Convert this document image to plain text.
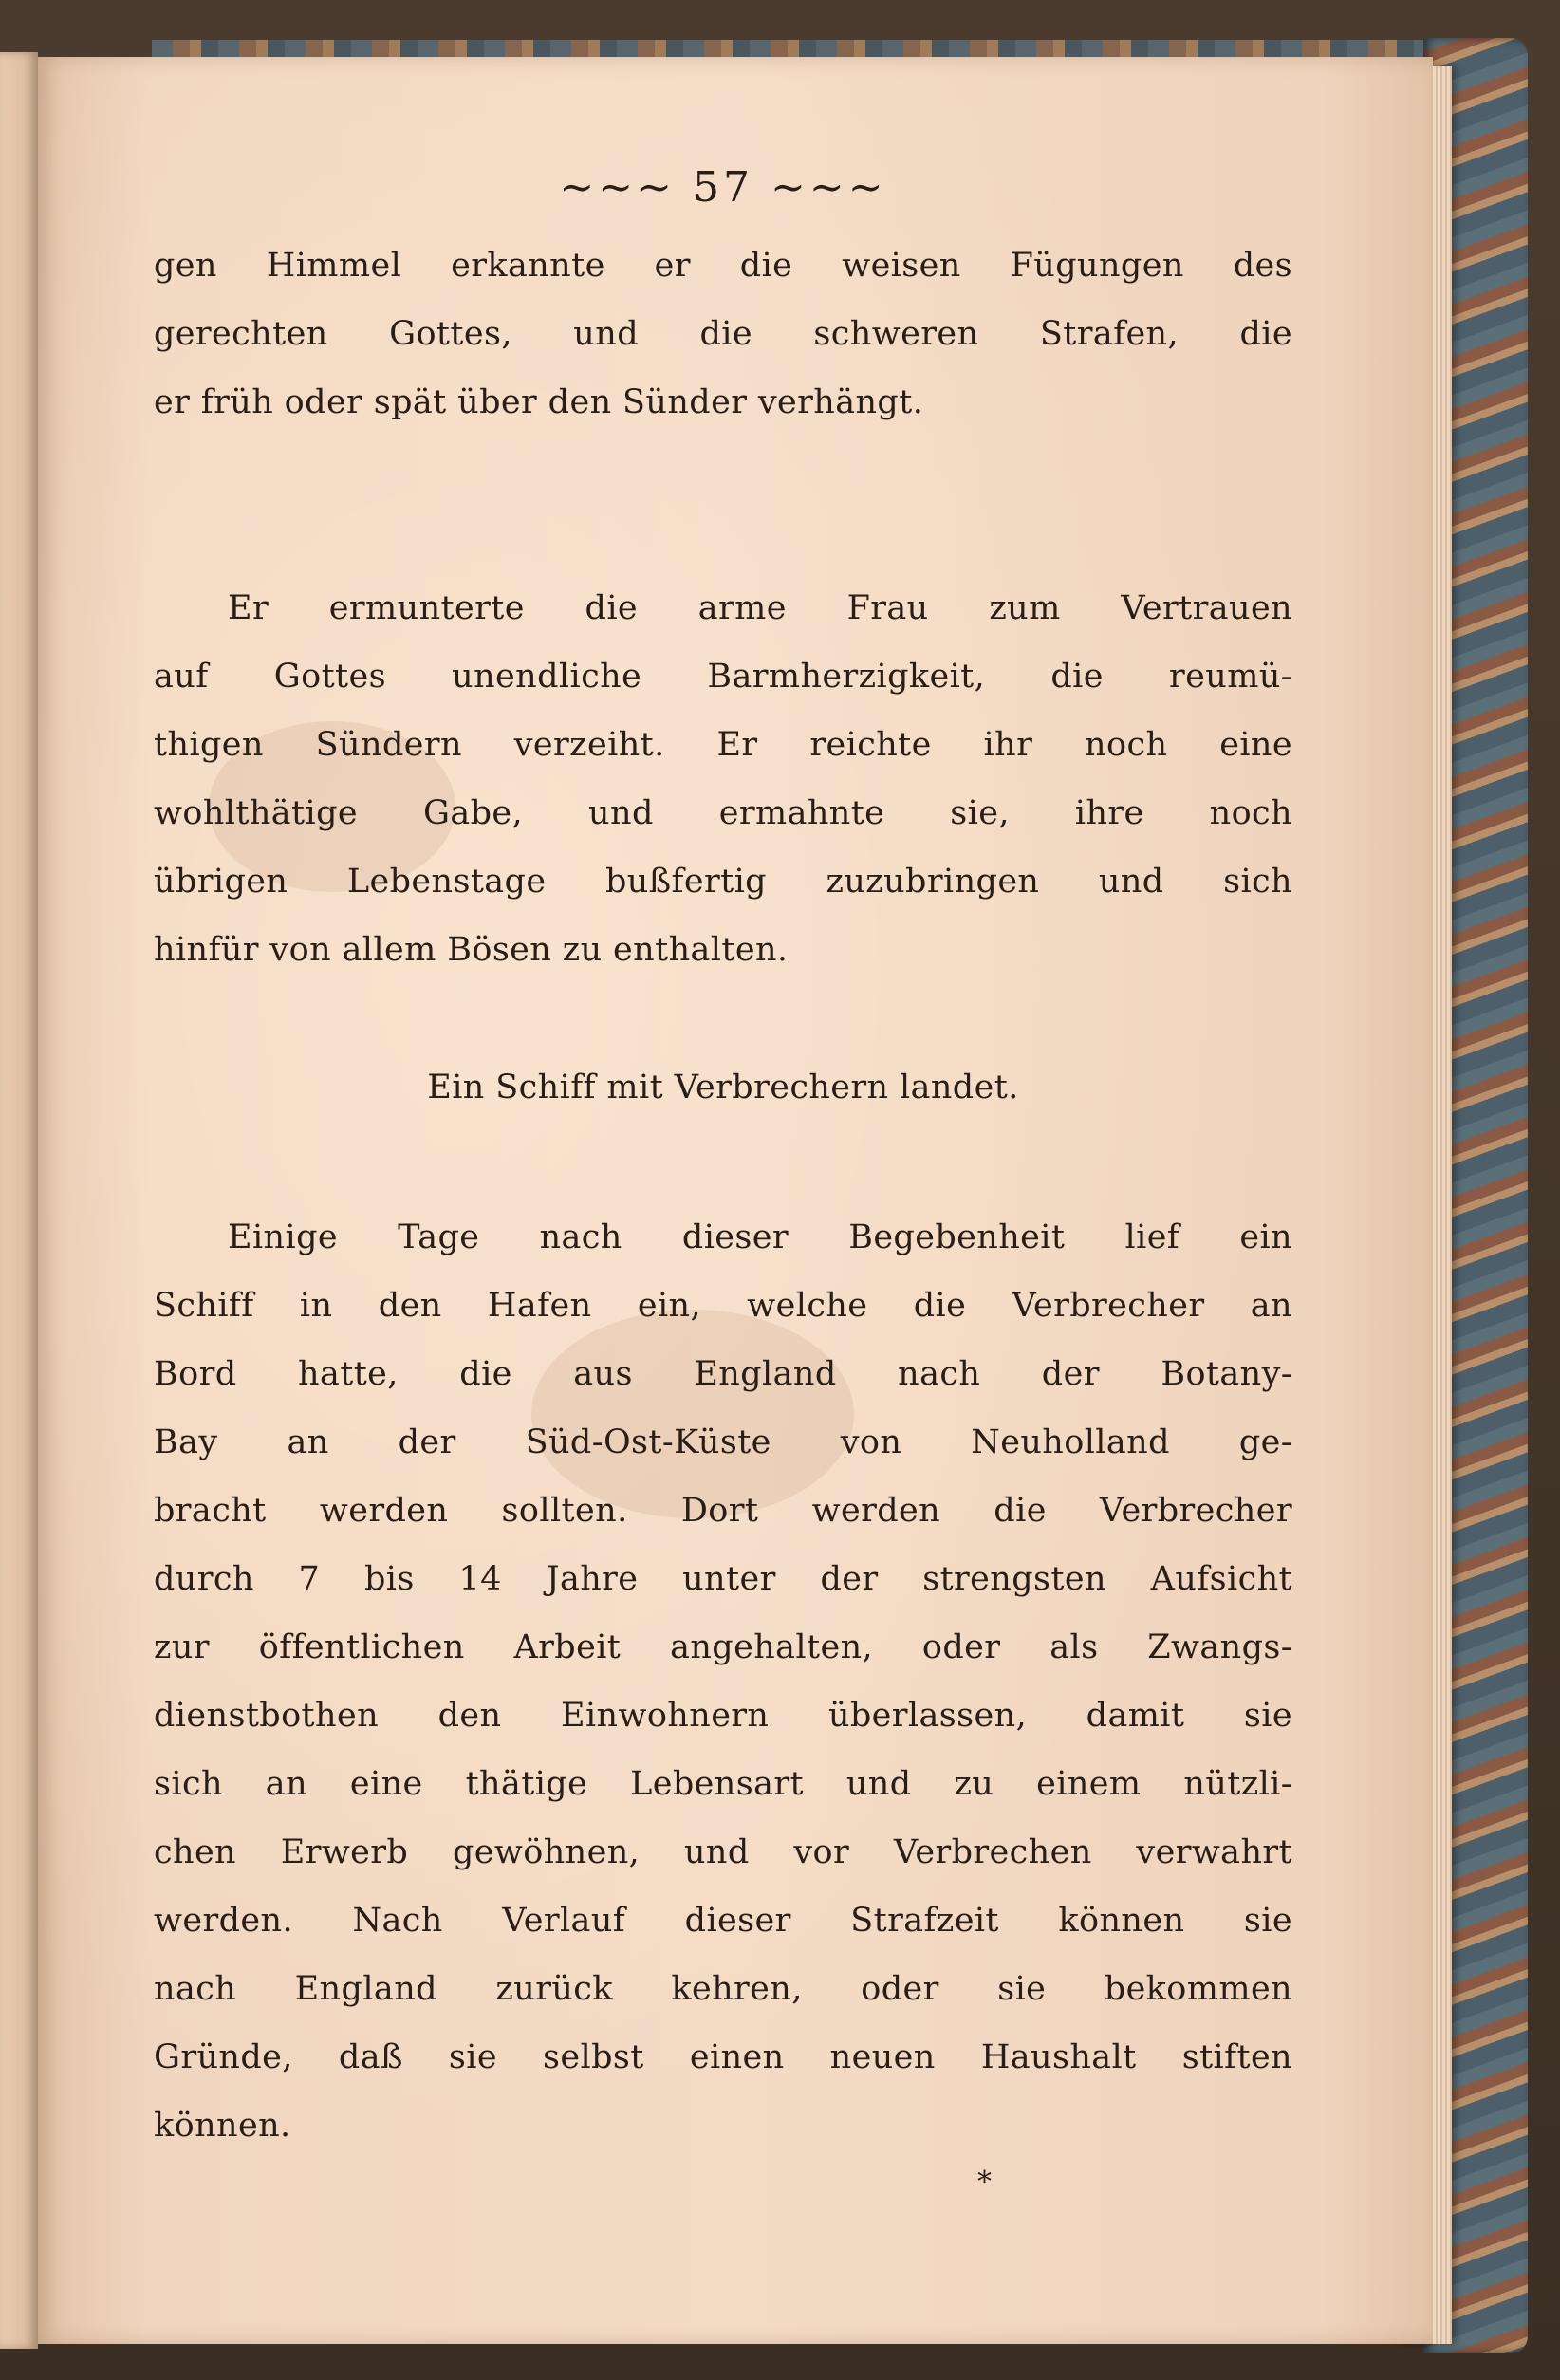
~~~ 57 ~~~
gen Himmel erkannte er die weisen Fügungen des
gerechten Gottes, und die schweren Strafen, die
er früh oder spät über den Sünder verhängt.
Er ermunterte die arme Frau zum Vertrauen
auf Gottes unendliche Barmherzigkeit, die reumü-
thigen Sündern verzeiht. Er reichte ihr noch eine
wohlthätige Gabe, und ermahnte sie, ihre noch
übrigen Lebenstage bußfertig zuzubringen und sich
hinfür von allem Bösen zu enthalten.
Ein Schiff mit Verbrechern landet.
Einige Tage nach dieser Begebenheit lief ein
Schiff in den Hafen ein, welche die Verbrecher an
Bord hatte, die aus England nach der Botany-
Bay an der Süd-Ost-Küste von Neuholland ge-
bracht werden sollten. Dort werden die Verbrecher
durch 7 bis 14 Jahre unter der strengsten Aufsicht
zur öffentlichen Arbeit angehalten, oder als Zwangs-
dienstbothen den Einwohnern überlassen, damit sie
sich an eine thätige Lebensart und zu einem nützli-
chen Erwerb gewöhnen, und vor Verbrechen verwahrt
werden. Nach Verlauf dieser Strafzeit können sie
nach England zurück kehren, oder sie bekommen
Gründe, daß sie selbst einen neuen Haushalt stiften
können.
*
